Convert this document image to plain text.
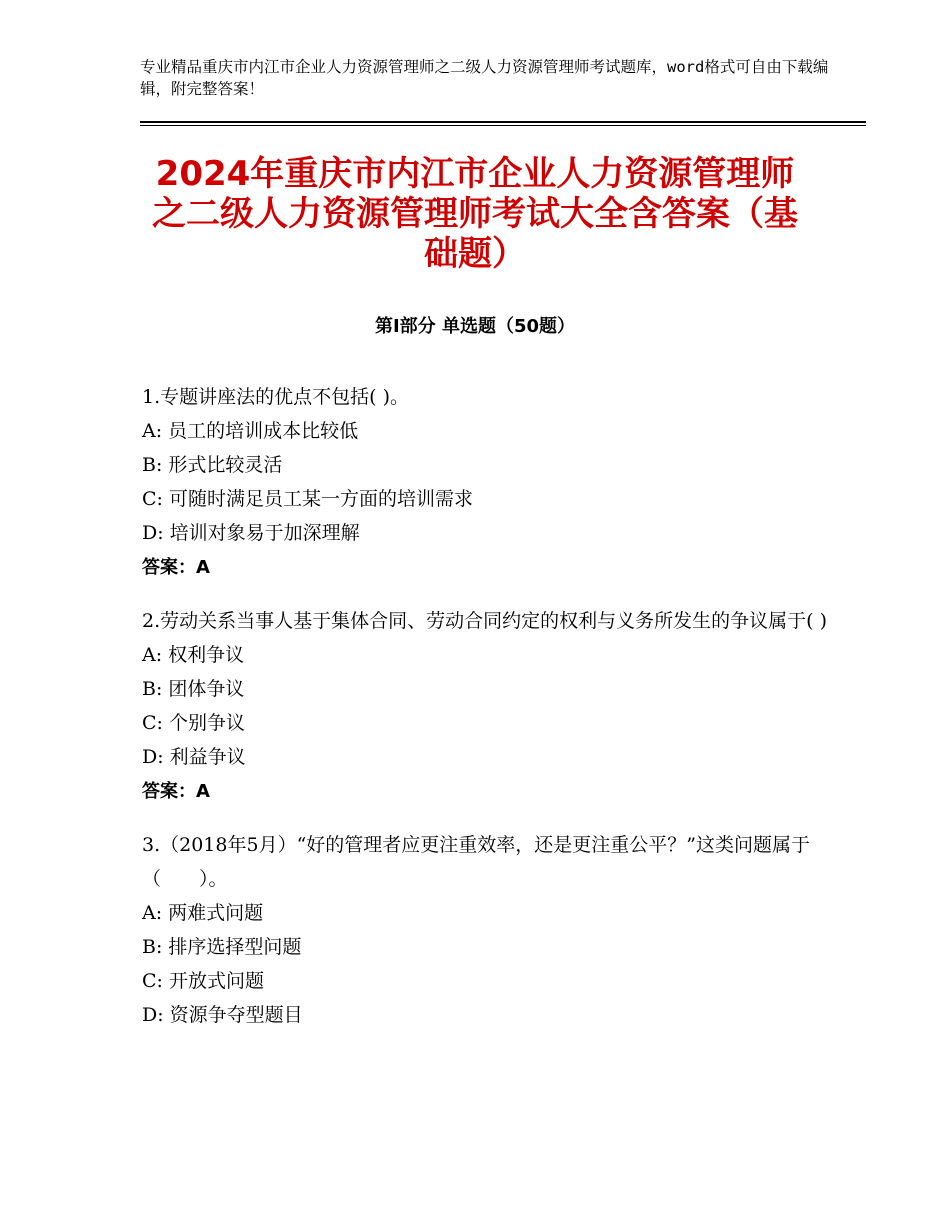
专业精品重庆市内江市企业人力资源管理师之二级人力资源管理师考试题库，word格式可自由下载编辑，附完整答案！
2024年重庆市内江市企业人力资源管理师之二级人力资源管理师考试大全含答案（基础题）
第Ⅰ部分 单选题（50题）
1.专题讲座法的优点不包括( )。
A: 员工的培训成本比较低
B: 形式比较灵活
C: 可随时满足员工某一方面的培训需求
D: 培训对象易于加深理解
答案：A
2.劳动关系当事人基于集体合同、劳动合同约定的权利与义务所发生的争议属于( )
A: 权利争议
B: 团体争议
C: 个别争议
D: 利益争议
答案：A
3.（2018年5月）“好的管理者应更注重效率，还是更注重公平？”这类问题属于（　　）。
A: 两难式问题
B: 排序选择型问题
C: 开放式问题
D: 资源争夺型题目
